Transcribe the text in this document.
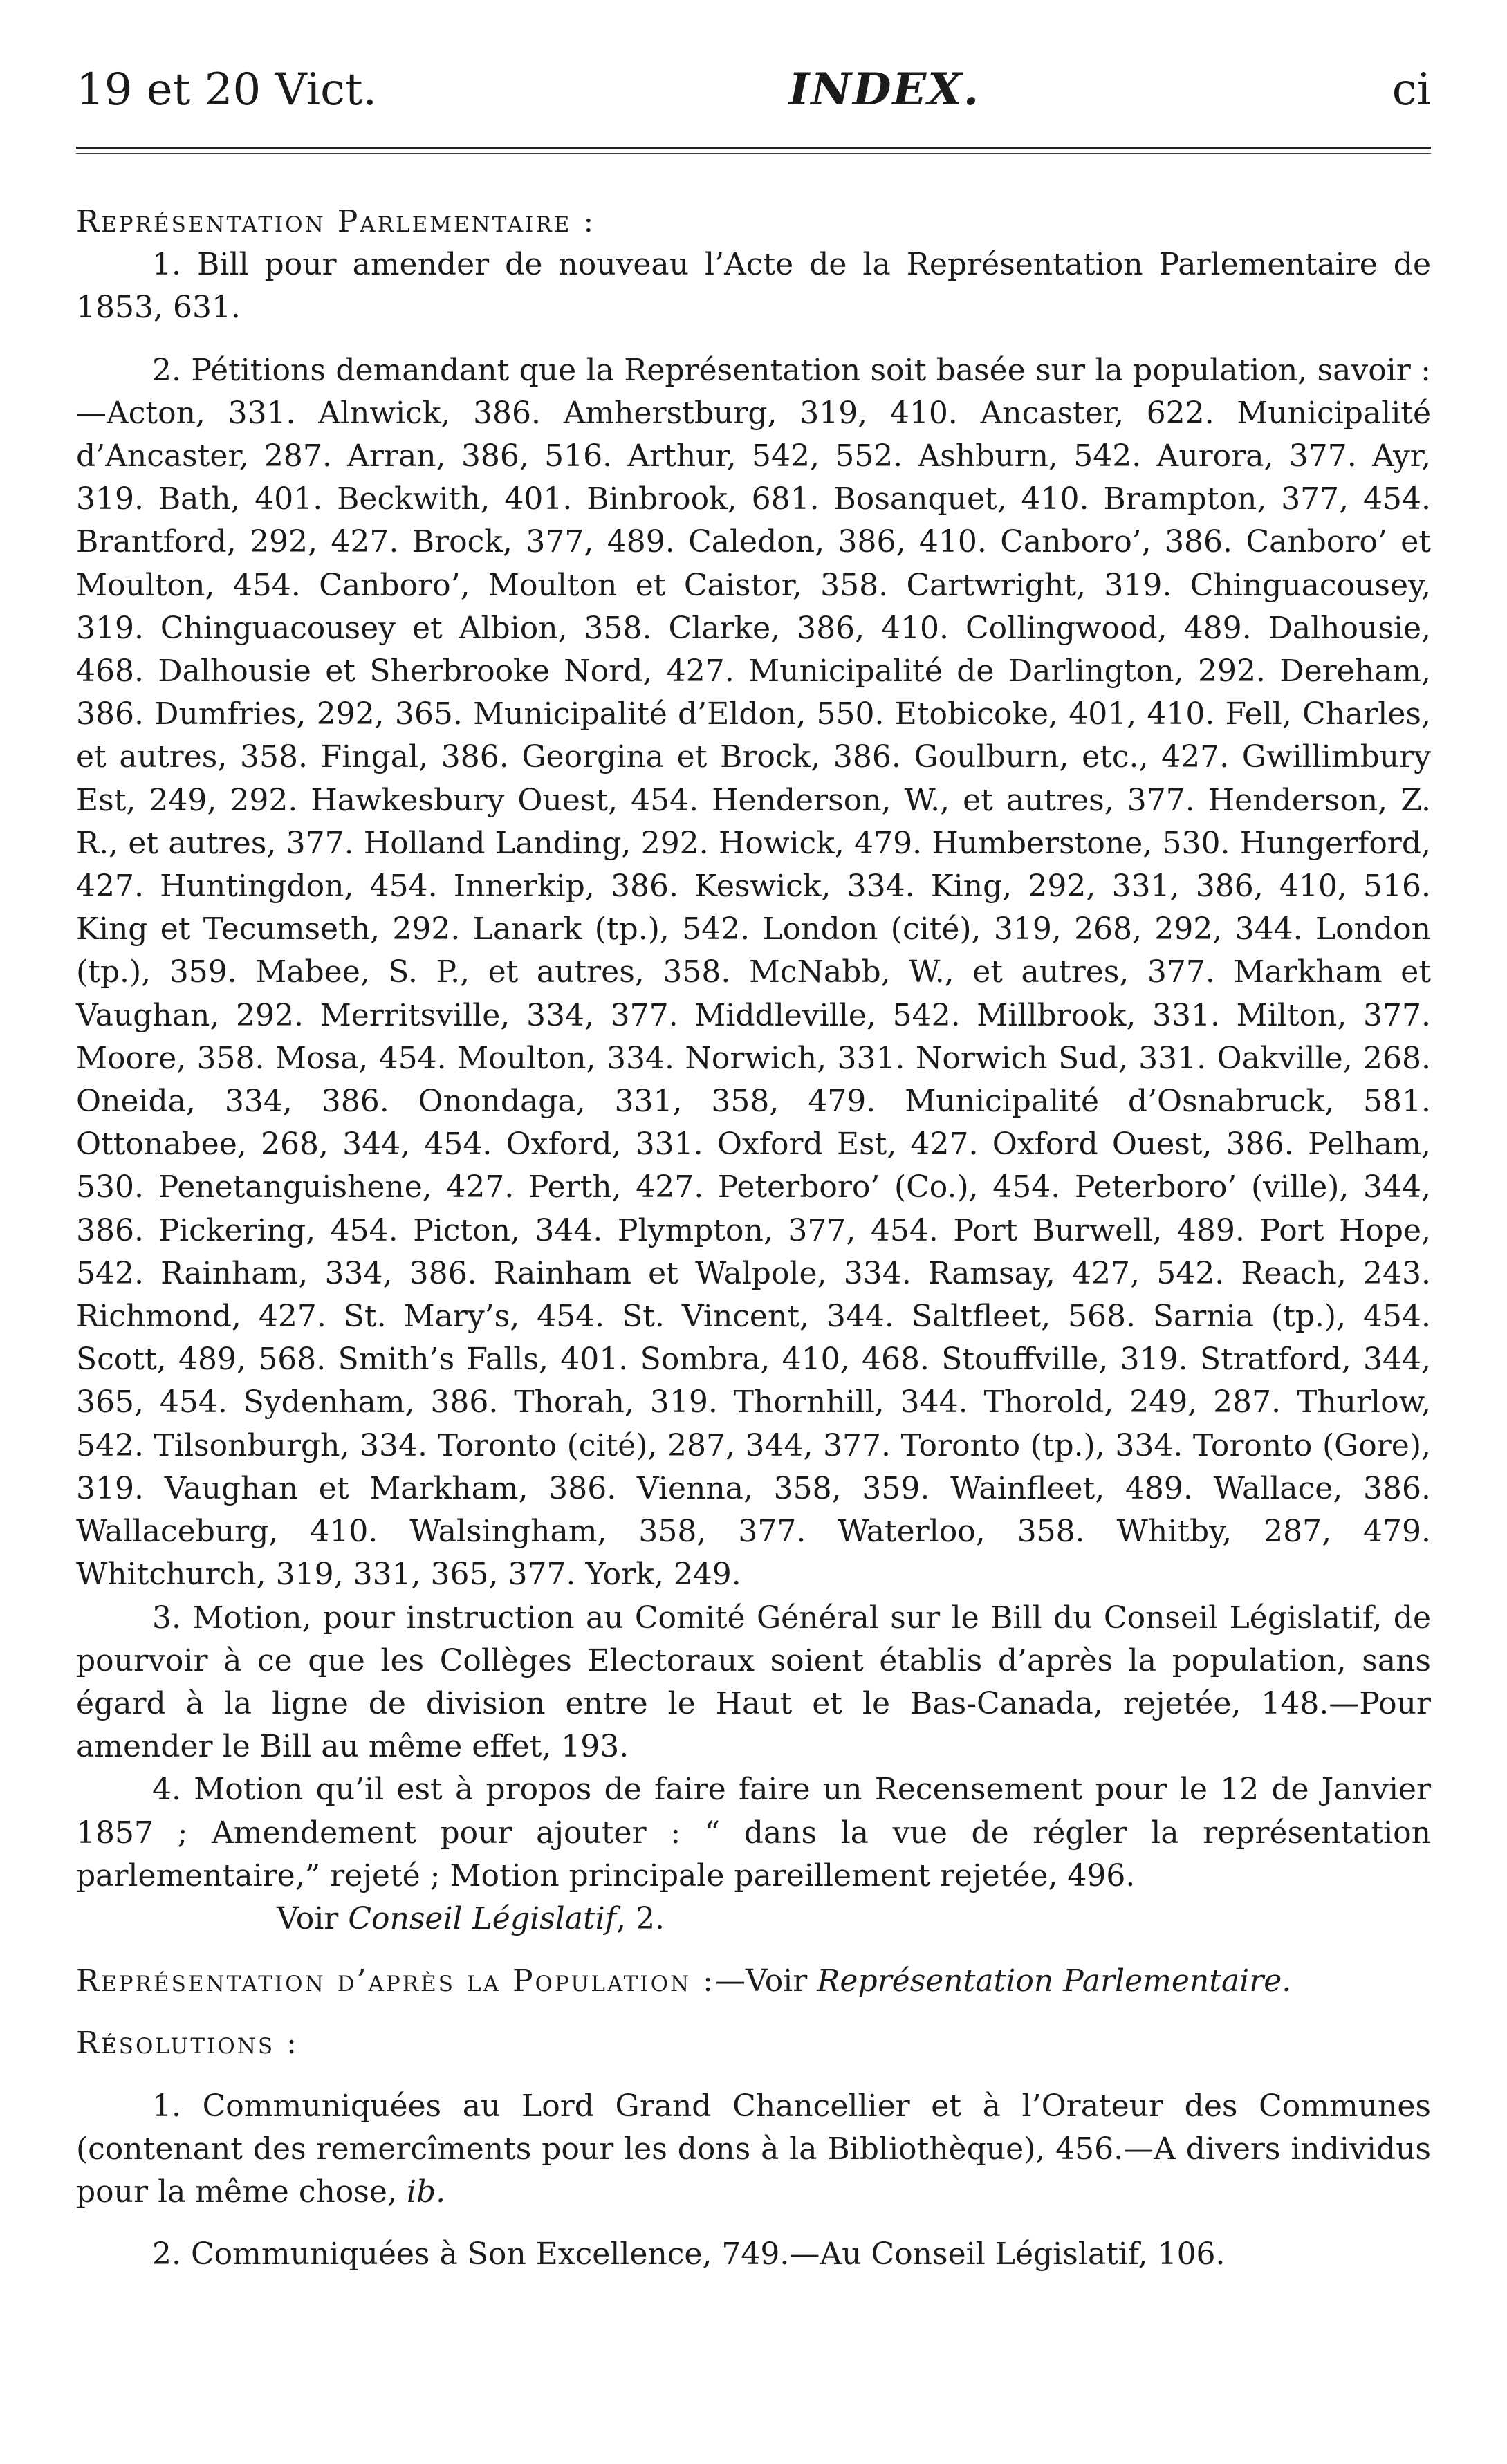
19 et 20 Vict.	INDEX.	ci

Représentation Parlementaire :

1. Bill pour amender de nouveau l’Acte de la Représentation Parlementaire de 1853, 631.

2. Pétitions demandant que la Représentation soit basée sur la population, savoir :—Acton, 331. Alnwick, 386. Amherstburg, 319, 410. Ancaster, 622. Municipalité d’Ancaster, 287. Arran, 386, 516. Arthur, 542, 552. Ashburn, 542. Aurora, 377. Ayr, 319. Bath, 401. Beckwith, 401. Binbrook, 681. Bosanquet, 410. Brampton, 377, 454. Brantford, 292, 427. Brock, 377, 489. Caledon, 386, 410. Canboro’, 386. Canboro’ et Moulton, 454. Canboro’, Moulton et Caistor, 358. Cartwright, 319. Chinguacousey, 319. Chinguacousey et Albion, 358. Clarke, 386, 410. Collingwood, 489. Dalhousie, 468. Dalhousie et Sherbrooke Nord, 427. Municipalité de Darlington, 292. Dereham, 386. Dumfries, 292, 365. Municipalité d’Eldon, 550. Etobicoke, 401, 410. Fell, Charles, et autres, 358. Fingal, 386. Georgina et Brock, 386. Goulburn, etc., 427. Gwillimbury Est, 249, 292. Hawkesbury Ouest, 454. Henderson, W., et autres, 377. Henderson, Z. R., et autres, 377. Holland Landing, 292. Howick, 479. Humberstone, 530. Hungerford, 427. Huntingdon, 454. Innerkip, 386. Keswick, 334. King, 292, 331, 386, 410, 516. King et Tecumseth, 292. Lanark (tp.), 542. London (cité), 319, 268, 292, 344. London (tp.), 359. Mabee, S. P., et autres, 358. McNabb, W., et autres, 377. Markham et Vaughan, 292. Merritsville, 334, 377. Middleville, 542. Millbrook, 331. Milton, 377. Moore, 358. Mosa, 454. Moulton, 334. Norwich, 331. Norwich Sud, 331. Oakville, 268. Oneida, 334, 386. Onondaga, 331, 358, 479. Municipalité d’Osnabruck, 581. Ottonabee, 268, 344, 454. Oxford, 331. Oxford Est, 427. Oxford Ouest, 386. Pelham, 530. Penetanguishene, 427. Perth, 427. Peterboro’ (Co.), 454. Peterboro’ (ville), 344, 386. Pickering, 454. Picton, 344. Plympton, 377, 454. Port Burwell, 489. Port Hope, 542. Rainham, 334, 386. Rainham et Walpole, 334. Ramsay, 427, 542. Reach, 243. Richmond, 427. St. Mary’s, 454. St. Vincent, 344. Saltfleet, 568. Sarnia (tp.), 454. Scott, 489, 568. Smith’s Falls, 401. Sombra, 410, 468. Stouffville, 319. Stratford, 344, 365, 454. Sydenham, 386. Thorah, 319. Thornhill, 344. Thorold, 249, 287. Thurlow, 542. Tilsonburgh, 334. Toronto (cité), 287, 344, 377. Toronto (tp.), 334. Toronto (Gore), 319. Vaughan et Markham, 386. Vienna, 358, 359. Wainfleet, 489. Wallace, 386. Wallaceburg, 410. Walsingham, 358, 377. Waterloo, 358. Whitby, 287, 479. Whitchurch, 319, 331, 365, 377. York, 249.

3. Motion, pour instruction au Comité Général sur le Bill du Conseil Législatif, de pourvoir à ce que les Collèges Electoraux soient établis d’après la population, sans égard à la ligne de division entre le Haut et le Bas-Canada, rejetée, 148.—Pour amender le Bill au même effet, 193.

4. Motion qu’il est à propos de faire faire un Recensement pour le 12 de Janvier 1857 ; Amendement pour ajouter : “ dans la vue de régler la représentation parlementaire,” rejeté ; Motion principale pareillement rejetée, 496.

Voir Conseil Législatif, 2.

Représentation d’après la Population :—Voir Représentation Parlementaire.

Résolutions :

1. Communiquées au Lord Grand Chancellier et à l’Orateur des Communes (contenant des remercîments pour les dons à la Bibliothèque), 456.—A divers individus pour la même chose, ib.

2. Communiquées à Son Excellence, 749.—Au Conseil Législatif, 106.
